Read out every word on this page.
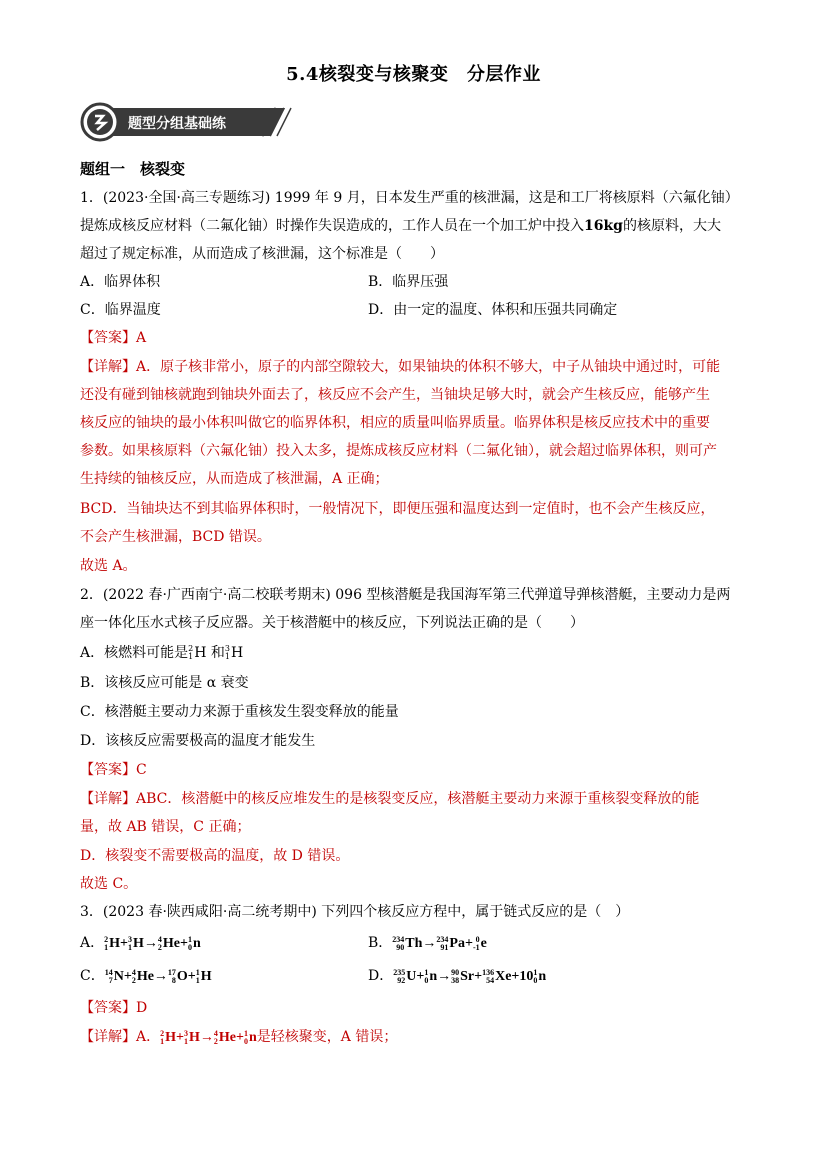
5.4核裂变与核聚变　分层作业
题型分组基础练
题组一　核裂变
1．(2023·全国·高三专题练习) 1999 年 9 月，日本发生严重的核泄漏，这是和工厂将核原料（六氟化铀）
提炼成核反应材料（二氟化铀）时操作失误造成的，工作人员在一个加工炉中投入16kg的核原料，大大
超过了规定标准，从而造成了核泄漏，这个标准是（　　）
A．临界体积	B．临界压强
C．临界温度	D．由一定的温度、体积和压强共同确定
【答案】A
【详解】A．原子核非常小，原子的内部空隙较大，如果铀块的体积不够大，中子从铀块中通过时，可能
还没有碰到铀核就跑到铀块外面去了，核反应不会产生，当铀块足够大时，就会产生核反应，能够产生
核反应的铀块的最小体积叫做它的临界体积，相应的质量叫临界质量。临界体积是核反应技术中的重要
参数。如果核原料（六氟化铀）投入太多，提炼成核反应材料（二氟化铀），就会超过临界体积，则可产
生持续的铀核反应，从而造成了核泄漏，A 正确；
BCD．当铀块达不到其临界体积时，一般情况下，即便压强和温度达到一定值时，也不会产生核反应，
不会产生核泄漏，BCD 错误。
故选 A。
2．(2022 春·广西南宁·高二校联考期末) 096 型核潜艇是我国海军第三代弹道导弹核潜艇，主要动力是两
座一体化压水式核子反应器。关于核潜艇中的核反应，下列说法正确的是（　　）
A．核燃料可能是 2
1 H 和 3
1 H
B．该核反应可能是 α 衰变
C．核潜艇主要动力来源于重核发生裂变释放的能量
D．该核反应需要极高的温度才能发生
【答案】C
【详解】ABC．核潜艇中的核反应堆发生的是核裂变反应，核潜艇主要动力来源于重核裂变释放的能
量，故 AB 错误，C 正确；
D．核裂变不需要极高的温度，故 D 错误。
故选 C。
3．(2023 春·陕西咸阳·高二统考期中) 下列四个核反应方程中，属于链式反应的是（　）
A． 2
1 H+ 3
1 H→ 4
2 He+ 1
0 n	B． 234
90 Th→ 234
91 Pa+ 0
-1 e
C． 14
7 N+ 4
2 He→ 17
8 O+ 1
1 H	D． 235
92 U+ 1
0 n→ 90
38 Sr+ 136
54 Xe+10 1
0 n
【答案】D
【详解】A． 2
1 H+ 3
1 H→ 4
2 He+ 1
0 n是轻核聚变，A 错误；
